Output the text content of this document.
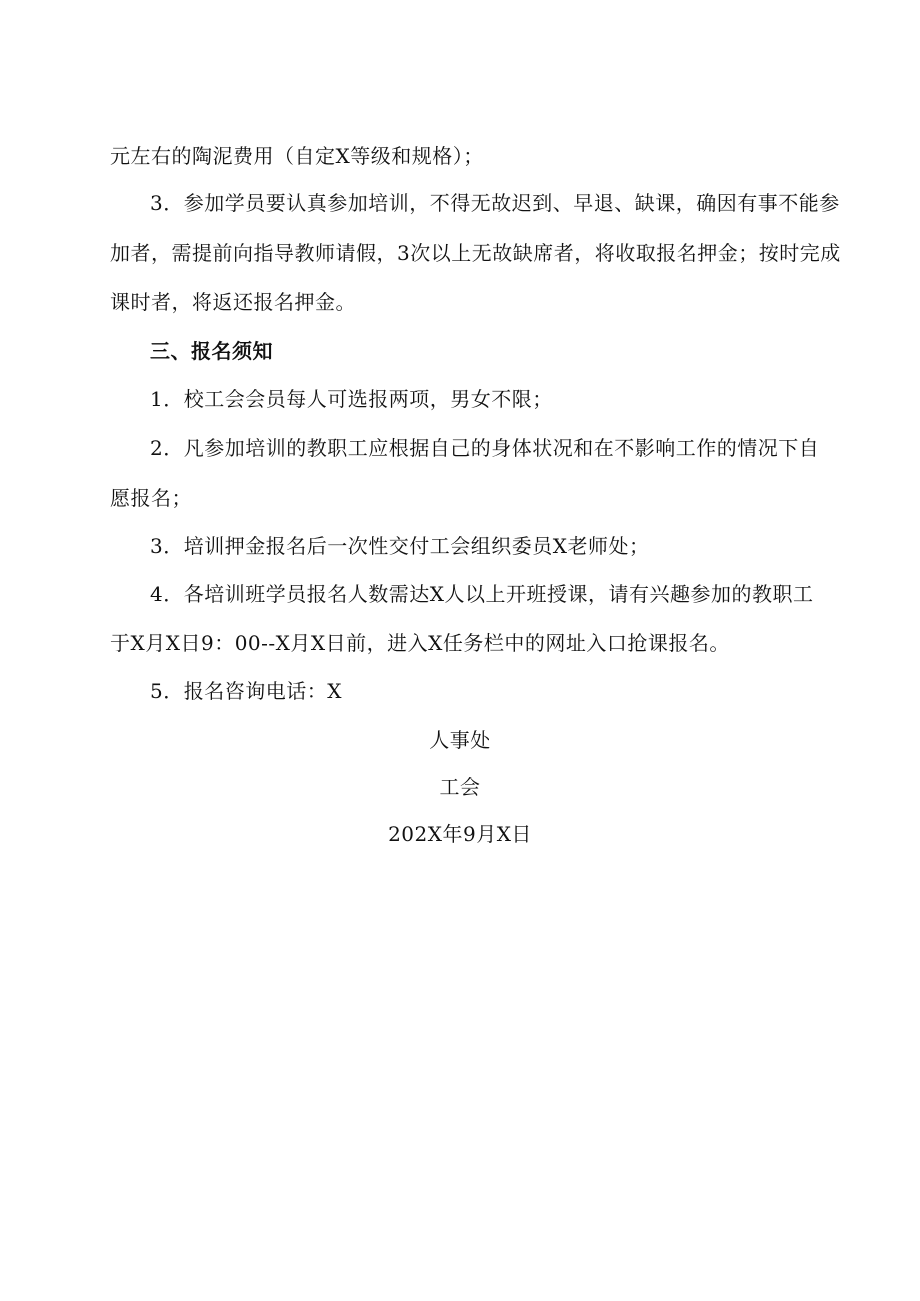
元左右的陶泥费用（自定X等级和规格）；
3．参加学员要认真参加培训，不得无故迟到、早退、缺课，确因有事不能参
加者，需提前向指导教师请假，3次以上无故缺席者，将收取报名押金；按时完成
课时者，将返还报名押金。
三、报名须知
1．校工会会员每人可选报两项，男女不限；
2．凡参加培训的教职工应根据自己的身体状况和在不影响工作的情况下自
愿报名；
3．培训押金报名后一次性交付工会组织委员X老师处；
4．各培训班学员报名人数需达X人以上开班授课，请有兴趣参加的教职工
于X月X日9：00--X月X日前，进入X任务栏中的网址入口抢课报名。
5．报名咨询电话：X
人事处
工会
202X年9月X日
